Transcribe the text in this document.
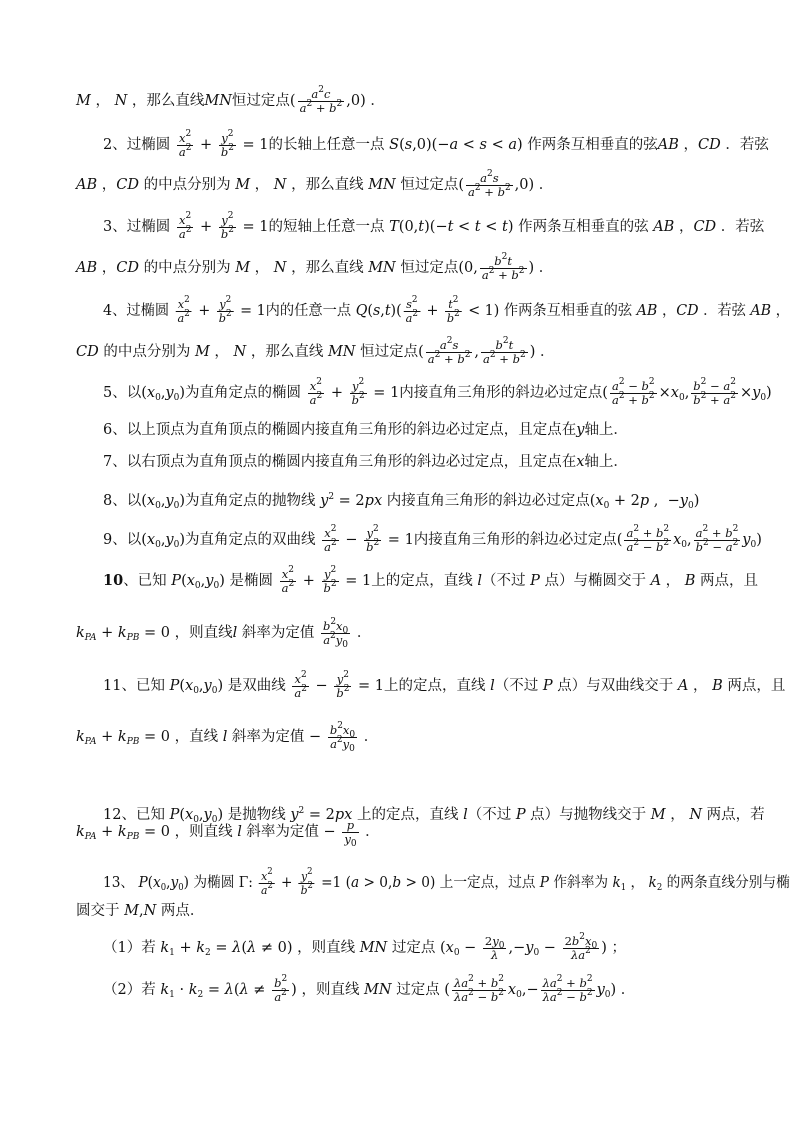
M ， N ，那么直线MN恒过定点( $\frac{a^2c}{a^2 + b^2} ,0$) ．
2、过椭圆 $\frac{x^2}{a^2} + \frac{y^2}{b^2} = 1$的长轴上任意一点 S(s,0)(−a < s < a) 作两条互相垂直的弦AB ，CD ．若弦
AB ，CD 的中点分别为 M ， N ，那么直线 MN 恒过定点( $\frac{a^2s}{a^2 + b^2} ,0$) ．
3、过椭圆 $\frac{x^2}{a^2} + \frac{y^2}{b^2} = 1$的短轴上任意一点 T(0,t)(−t < t < t) 作两条互相垂直的弦 AB ，CD ．若弦
AB ，CD 的中点分别为 M ， N ，那么直线 MN 恒过定点(0, $\frac{b^2t}{a^2 + b^2}$ ) ．
4、过椭圆 $\frac{x^2}{a^2} + \frac{y^2}{b^2} = 1$内的任意一点 $Q(s,t)( \frac{s^2}{a^2} + \frac{t^2}{b^2} < 1)$ 作两条互相垂直的弦 AB ，CD ．若弦 AB ，
CD 的中点分别为 M ， N ，那么直线 MN 恒过定点( $\frac{a^2s}{a^2 + b^2}$ , $\frac{b^2t}{a^2 + b^2}$ ) ．
5、以$(x_0,y_0)$为直角定点的椭圆 $\frac{x^2}{a^2} + \frac{y^2}{b^2} = 1$内接直角三角形的斜边必过定点( $\frac{a^2 - b^2}{a^2 + b^2} \times x_0$, $\frac{b^2 - a^2}{b^2 + a^2} \times y_0$)
6、以上顶点为直角顶点的椭圆内接直角三角形的斜边必过定点，且定点在y轴上．
7、以右顶点为直角顶点的椭圆内接直角三角形的斜边必过定点，且定点在x轴上．
8、以$(x_0,y_0)$为直角定点的抛物线 $y^2 = 2px$ 内接直角三角形的斜边必过定点($x_0 + 2p$ ,  $-y_0$)
9、以$(x_0,y_0)$为直角定点的双曲线 $\frac{x^2}{a^2} - \frac{y^2}{b^2} = 1$内接直角三角形的斜边必过定点( $\frac{a^2 + b^2}{a^2 - b^2} x_0$, $\frac{a^2 + b^2}{b^2 - a^2} y_0$)
10、已知 $P(x_0,y_0)$ 是椭圆 $\frac{x^2}{a^2} + \frac{y^2}{b^2} = 1$上的定点，直线 l（不过 P 点）与椭圆交于 A ， B 两点，且
$k_{PA} + k_{PB} = 0$ ，则直线l 斜率为定值 $\frac{b^2x_0}{a^2y_0}$ ．
11、已知 $P(x_0,y_0)$ 是双曲线 $\frac{x^2}{a^2} - \frac{y^2}{b^2} = 1$上的定点，直线 l（不过 P 点）与双曲线交于 A ， B 两点，且
$k_{PA} + k_{PB} = 0$ ，直线 l 斜率为定值 − $\frac{b^2x_0}{a^2y_0}$ ．
12、已知 $P(x_0,y_0)$ 是抛物线 $y^2 = 2px$ 上的定点，直线 l（不过 P 点）与抛物线交于 M ， N 两点，若
$k_{PA} + k_{PB} = 0$ ，则直线 l 斜率为定值 − $\frac{p}{y_0}$ ．
13、 $P(x_0,y_0)$ 为椭圆 Γ: $\frac{x^2}{a^2} + \frac{y^2}{b^2} =1$ (a > 0,b > 0) 上一定点，过点 P 作斜率为 $k_1$ ， $k_2$ 的两条直线分别与椭
圆交于 M,N 两点．
（1）若 $k_1 + k_2 = \lambda(\lambda \ne 0)$ ，则直线 MN 过定点 ($x_0 - \frac{2y_0}{\lambda} ,-y_0 - \frac{2b^2x_0}{\lambda a^2}$ ) ；
（2）若 $k_1 \cdot k_2 = \lambda(\lambda \ne \frac{b^2}{a^2}$ ) ，则直线 MN 过定点 ( $\frac{\lambda a^2 + b^2}{\lambda a^2 - b^2} x_0,- \frac{\lambda a^2 + b^2}{\lambda a^2 - b^2} y_0$) ．
